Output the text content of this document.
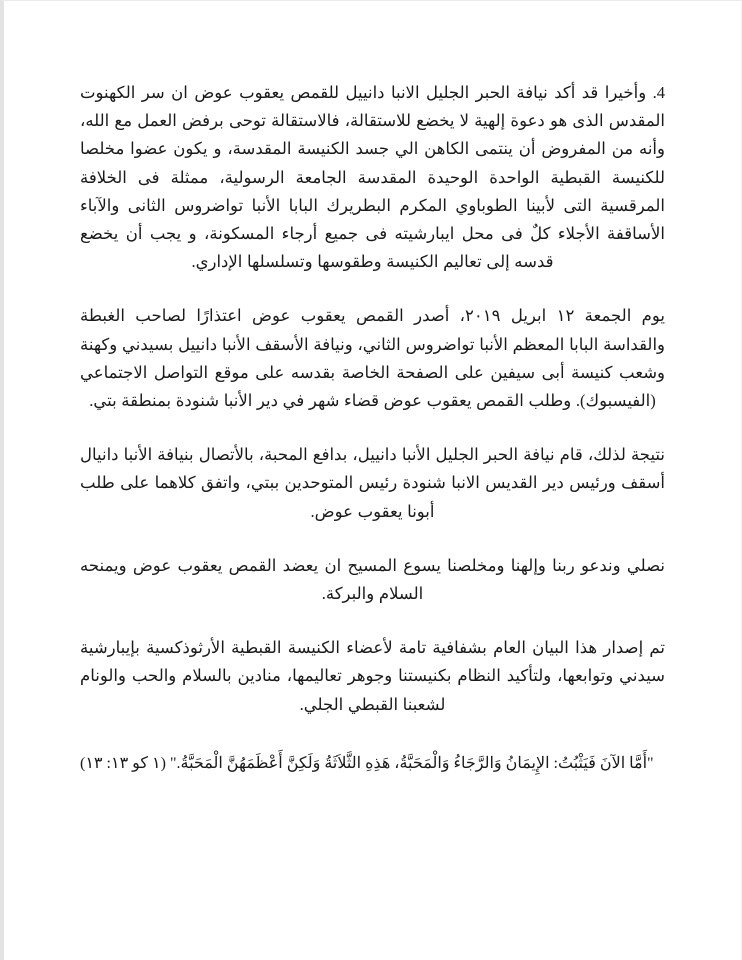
4. وأخيرا قد أكد نيافة الحبر الجليل الانبا دانييل للقمص يعقوب عوض ان سر الكهنوت المقدس الذى هو دعوة إلهية لا يخضع للاستقالة، فالاستقالة توحى برفض العمل مع الله، وأنه من المفروض أن ينتمى الكاهن الي جسد الكنيسة المقدسة، و يكون عضوا مخلصا للكنيسة القبطية الواحدة الوحيدة المقدسة الجامعة الرسولية، ممثلة فى الخلافة المرقسية التى لأبينا الطوباوي المكرم البطريرك البابا الأنبا تواضروس الثانى والآباء الأساقفة الأجلاء كلٌ فى محل ايبارشيته فى جميع أرجاء المسكونة، و يجب أن يخضع قدسه إلى تعاليم الكنيسة وطقوسها وتسلسلها الإداري.

يوم الجمعة ١٢ ابريل ٢٠١٩، أصدر القمص يعقوب عوض اعتذارًا لصاحب الغبطة والقداسة البابا المعظم الأنبا تواضروس الثاني، ونيافة الأسقف الأنبا دانييل بسيدني وكهنة وشعب كنيسة أبى سيفين على الصفحة الخاصة بقدسه على موقع التواصل الاجتماعي (الفيسبوك). وطلب القمص يعقوب عوض قضاء شهر في دير الأنبا شنودة بمنطقة بتي.

نتيجة لذلك، قام نيافة الحبر الجليل الأنبا دانييل، بدافع المحبة، بالأتصال بنيافة الأنبا دانيال أسقف ورئيس دير القديس الانبا شنودة رئيس المتوحدين ببتي، واتفق كلاهما على طلب أبونا يعقوب عوض.

نصلي وندعو ربنا وإلهنا ومخلصنا يسوع المسيح ان يعضد القمص يعقوب عوض ويمنحه السلام والبركة.

تم إصدار هذا البيان العام بشفافية تامة لأعضاء الكنيسة القبطية الأرثوذكسية بإيبارشية سيدني وتوابعها، ولتأكيد النظام بكنيستنا وجوهر تعاليمها، منادين بالسلام والحب والونام لشعبنا القبطي الجلي.

"أَمَّا الآنَ فَيَثْبُتُ: الإِيمَانُ وَالرَّجَاءُ وَالْمَحَبَّةُ، هَذِهِ الثَّلاَثَةُ وَلَكِنَّ أَعْظَمَهُنَّ الْمَحَبَّةُ." (١ كو ١٣: ١٣)
